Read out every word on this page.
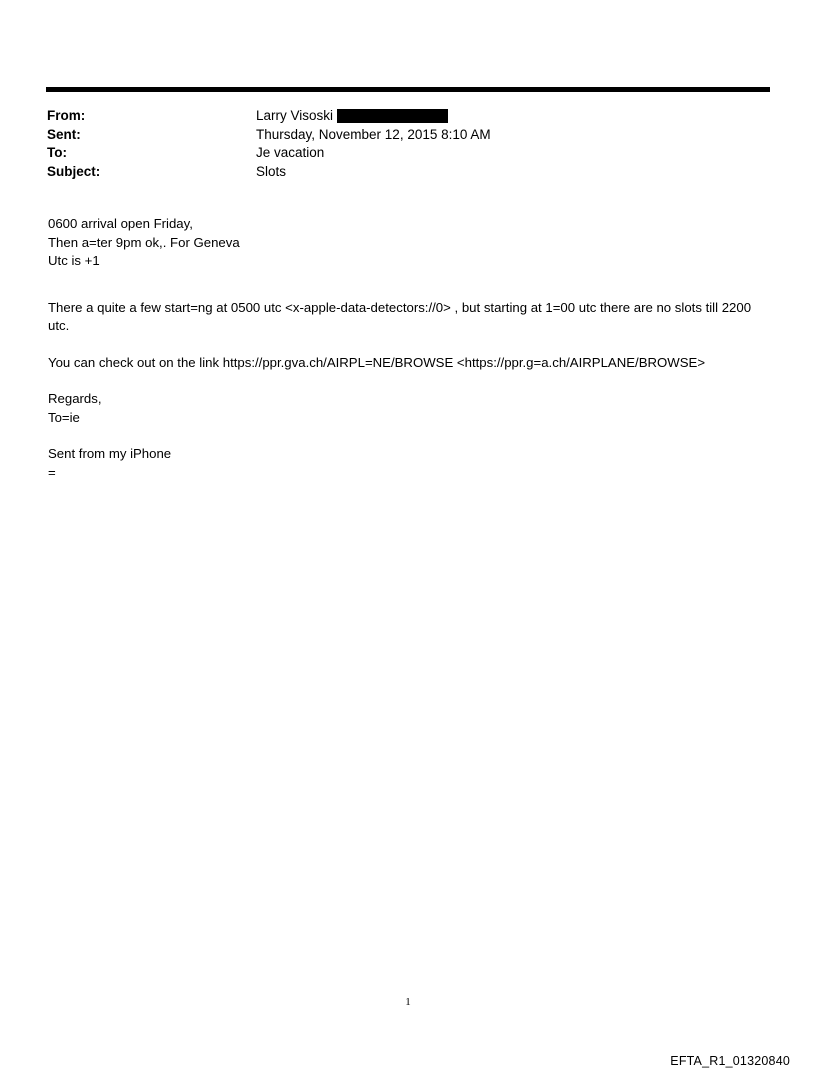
From:	Larry Visoski
Sent:	Thursday, November 12, 2015 8:10 AM
To:	Je vacation
Subject:	Slots

0600 arrival open Friday,

Then a=ter 9pm ok,. For Geneva

Utc is +1

There a quite a few start=ng at 0500 utc <x-apple-data-detectors://0> , but starting at 1=00 utc there are no slots till 2200 utc.

You can check out on the link https://ppr.gva.ch/AIRPL=NE/BROWSE <https://ppr.g=a.ch/AIRPLANE/BROWSE>

Regards,

To=ie

Sent from my iPhone

=

1
EFTA_R1_01320840
